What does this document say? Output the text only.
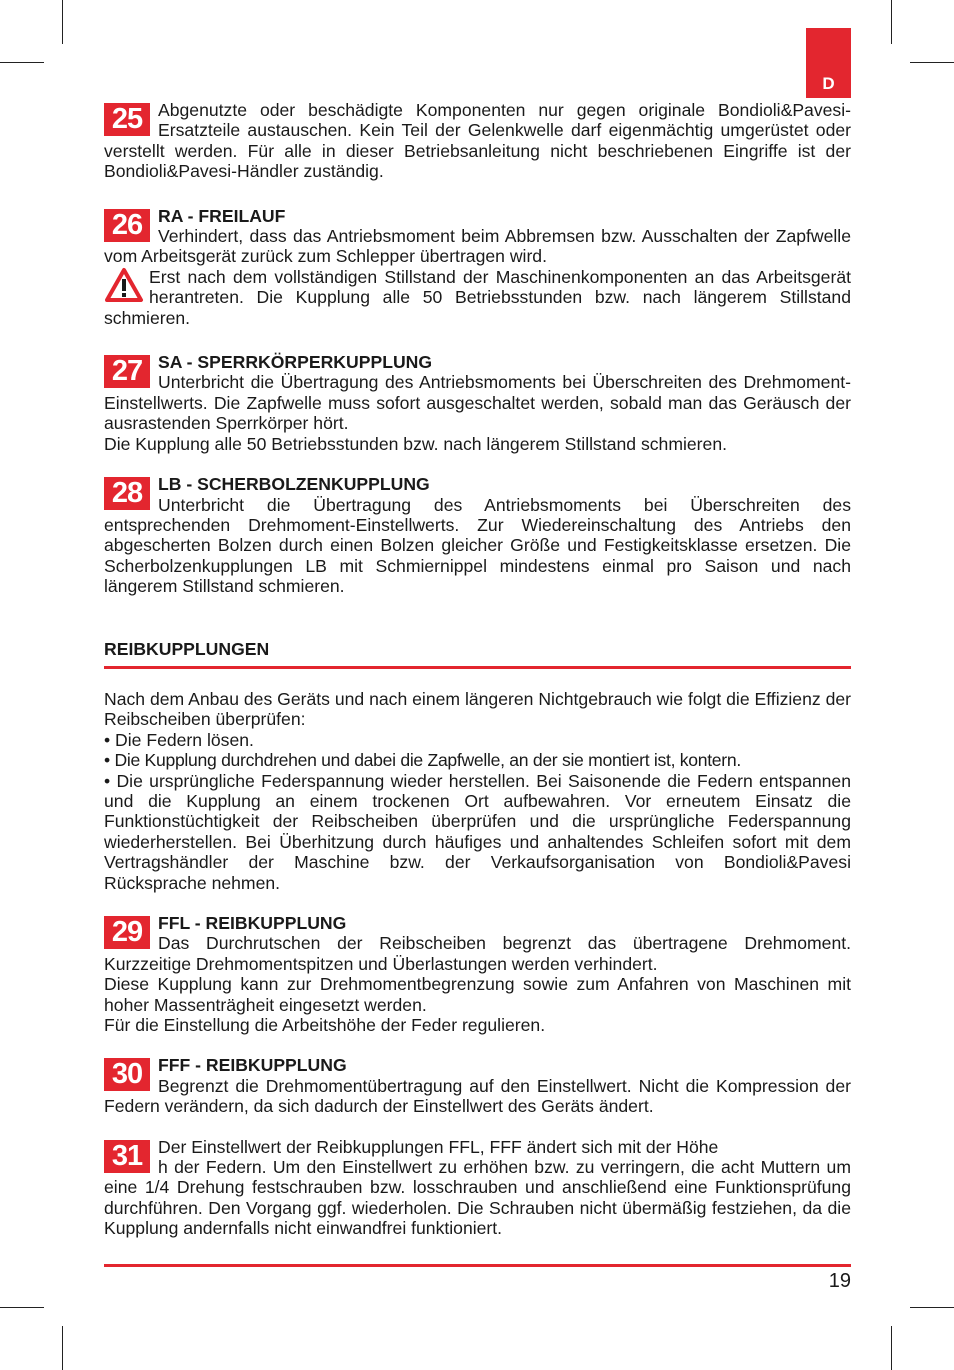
D
25 Abgenutzte oder beschädigte Komponenten nur gegen originale Bondioli&Pavesi-Ersatzteile austauschen. Kein Teil der Gelenkwelle darf eigenmächtig umgerüstet oder verstellt werden. Für alle in dieser Betriebsanleitung nicht beschriebenen Eingriffe ist der Bondioli&Pavesi-Händler zuständig.

26 RA - FREILAUF

Verhindert, dass das Antriebsmoment beim Abbremsen bzw. Ausschalten der Zapfwelle vom Arbeitsgerät zurück zum Schlepper übertragen wird.

Erst nach dem vollständigen Stillstand der Maschinenkomponenten an das Arbeitsgerät herantreten. Die Kupplung alle 50 Betriebsstunden bzw. nach längerem Stillstand schmieren.

27 SA - SPERRKÖRPERKUPPLUNG

Unterbricht die Übertragung des Antriebsmoments bei Überschreiten des Drehmoment-Einstellwerts. Die Zapfwelle muss sofort ausgeschaltet werden, sobald man das Geräusch der ausrastenden Sperrkörper hört.

Die Kupplung alle 50 Betriebsstunden bzw. nach längerem Stillstand schmieren.

28 LB - SCHERBOLZENKUPPLUNG

Unterbricht die Übertragung des Antriebsmoments bei Überschreiten des entsprechenden Drehmoment-Einstellwerts. Zur Wiedereinschaltung des Antriebs den abgescherten Bolzen durch einen Bolzen gleicher Größe und Festigkeitsklasse ersetzen. Die Scherbolzenkupplungen LB mit Schmiernippel mindestens einmal pro Saison und nach längerem Stillstand schmieren.

REIBKUPPLUNGEN

Nach dem Anbau des Geräts und nach einem längeren Nichtgebrauch wie folgt die Effizienz der Reibscheiben überprüfen:

• Die Federn lösen.

• Die Kupplung durchdrehen und dabei die Zapfwelle, an der sie montiert ist, kontern.

• Die ursprüngliche Federspannung wieder herstellen. Bei Saisonende die Federn entspannen und die Kupplung an einem trockenen Ort aufbewahren. Vor erneutem Einsatz die Funktionstüchtigkeit der Reibscheiben überprüfen und die ursprüngliche Federspannung wiederherstellen. Bei Überhitzung durch häufiges und anhaltendes Schleifen sofort mit dem Vertragshändler der Maschine bzw. der Verkaufsorganisation von Bondioli&Pavesi Rücksprache nehmen.

29 FFL - REIBKUPPLUNG

Das Durchrutschen der Reibscheiben begrenzt das übertragene Drehmoment. Kurzzeitige Drehmomentspitzen und Überlastungen werden verhindert.

Diese Kupplung kann zur Drehmomentbegrenzung sowie zum Anfahren von Maschinen mit hoher Massenträgheit eingesetzt werden.

Für die Einstellung die Arbeitshöhe der Feder regulieren.

30 FFF - REIBKUPPLUNG

Begrenzt die Drehmomentübertragung auf den Einstellwert. Nicht die Kompression der Federn verändern, da sich dadurch der Einstellwert des Geräts ändert.

31 Der Einstellwert der Reibkupplungen FFL, FFF ändert sich mit der Höhe

h der Federn. Um den Einstellwert zu erhöhen bzw. zu verringern, die acht Muttern um eine 1/4 Drehung festschrauben bzw. losschrauben und anschließend eine Funktionsprüfung durchführen. Den Vorgang ggf. wiederholen. Die Schrauben nicht übermäßig festziehen, da die Kupplung andernfalls nicht einwandfrei funktioniert.

19
